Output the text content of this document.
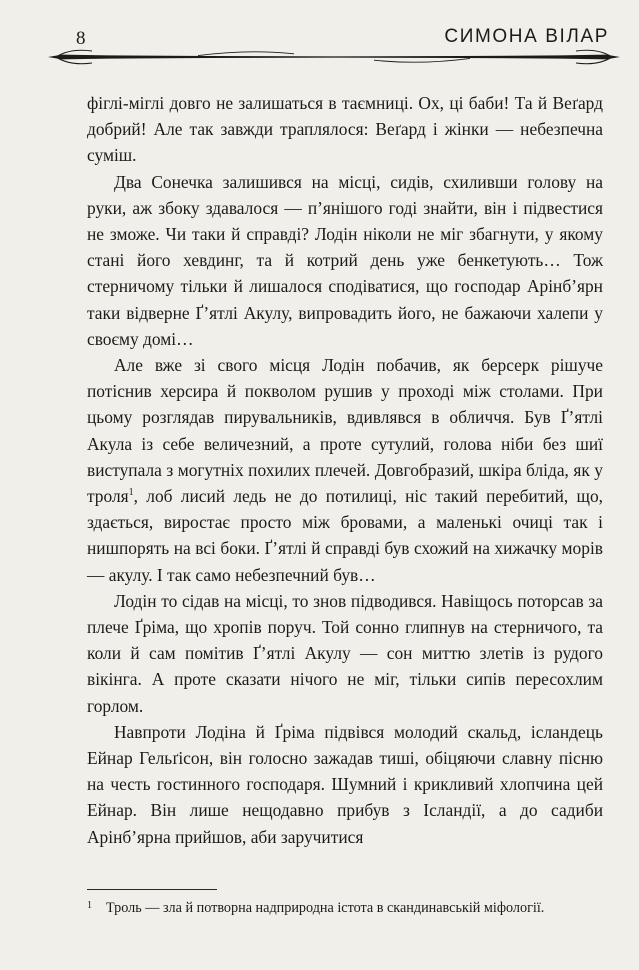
8	СИМОНА ВІЛАР

фіглі-міглі довго не залишаться в таємниці. Ох, ці баби! Та й Веґард добрий! Але так завжди траплялося: Веґард і жінки — небезпечна суміш.

Два Сонечка залишився на місці, сидів, схиливши голову на руки, аж збоку здавалося — п’янішого годі знайти, він і підвестися не зможе. Чи таки й справді? Лодін ніколи не міг збагнути, у якому стані його хевдинг, та й котрий день уже бенкетують… Тож стерничому тільки й лишалося сподіватися, що господар Арінб’ярн таки відверне Ґ’ятлі Акулу, випровадить його, не бажаючи халепи у своєму домі…

Але вже зі свого місця Лодін побачив, як берсерк рішуче потіснив херсира й покволом рушив у проході між столами. При цьому розглядав пирувальників, вдивлявся в обличчя. Був Ґ’ятлі Акула із себе величезний, а проте сутулий, голова ніби без шиї виступала з могутніх похилих плечей. Довгобразий, шкіра бліда, як у троля$^1$, лоб лисий ледь не до потилиці, ніс такий перебитий, що, здається, виростає просто між бровами, а маленькі очиці так і нишпорять на всі боки. Ґ’ятлі й справді був схожий на хижачку морів — акулу. І так само небезпечний був…

Лодін то сідав на місці, то знов підводився. Навіщось поторсав за плече Ґріма, що хропів поруч. Той сонно глипнув на стерничого, та коли й сам помітив Ґ’ятлі Акулу — сон миттю злетів із рудого вікінга. А проте сказати нічого не міг, тільки сипів пересохлим горлом.

Навпроти Лодіна й Ґріма підвівся молодий скальд, ісландець Ейнар Гельґісон, він голосно зажадав тиші, обіцяючи славну пісню на честь гостинного господаря. Шумний і крикливий хлопчина цей Ейнар. Він лише нещодавно прибув з Ісландії, а до садиби Арінб’ярна прийшов, аби заручитися

$^1$ Троль — зла й потворна надприродна істота в скандинавській міфології.
